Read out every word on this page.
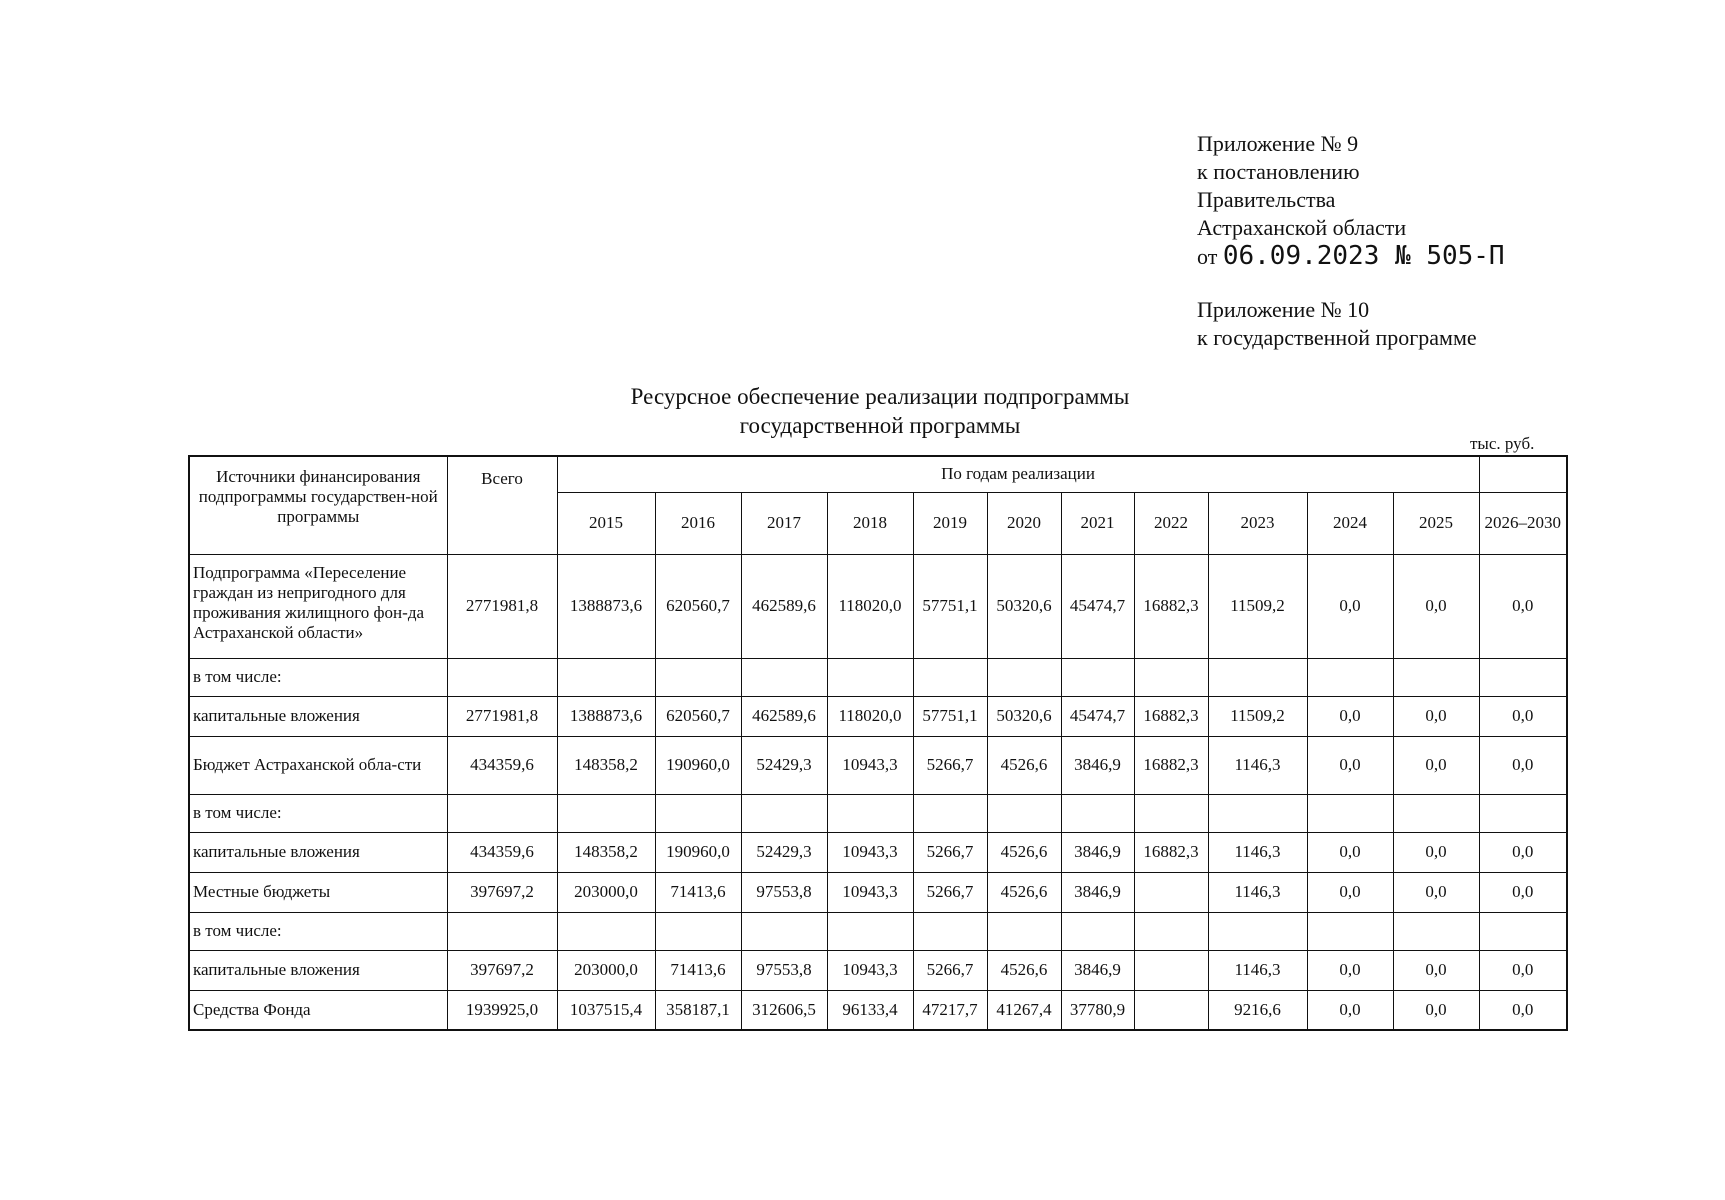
Приложение № 9
к постановлению
Правительства
Астраханской области
от 06.09.2023 № 505-П
Приложение № 10
к государственной программе
Ресурсное обеспечение реализации подпрограммы
государственной программы
тыс. руб.
Источники финансирования подпрограммы государствен-ной программы	Всего	По годам реализации											
		2015	2016	2017	2018	2019	2020	2021	2022	2023	2024	2025	2026–2030
Подпрограмма «Переселение граждан из непригодного для проживания жилищного фон-да Астраханской области»	2771981,8	1388873,6	620560,7	462589,6	118020,0	57751,1	50320,6	45474,7	16882,3	11509,2	0,0	0,0	0,0
в том числе:													
капитальные вложения	2771981,8	1388873,6	620560,7	462589,6	118020,0	57751,1	50320,6	45474,7	16882,3	11509,2	0,0	0,0	0,0
Бюджет Астраханской обла-сти	434359,6	148358,2	190960,0	52429,3	10943,3	5266,7	4526,6	3846,9	16882,3	1146,3	0,0	0,0	0,0
в том числе:													
капитальные вложения	434359,6	148358,2	190960,0	52429,3	10943,3	5266,7	4526,6	3846,9	16882,3	1146,3	0,0	0,0	0,0
Местные бюджеты	397697,2	203000,0	71413,6	97553,8	10943,3	5266,7	4526,6	3846,9		1146,3	0,0	0,0	0,0
в том числе:													
капитальные вложения	397697,2	203000,0	71413,6	97553,8	10943,3	5266,7	4526,6	3846,9		1146,3	0,0	0,0	0,0
Средства Фонда	1939925,0	1037515,4	358187,1	312606,5	96133,4	47217,7	41267,4	37780,9		9216,6	0,0	0,0	0,0
